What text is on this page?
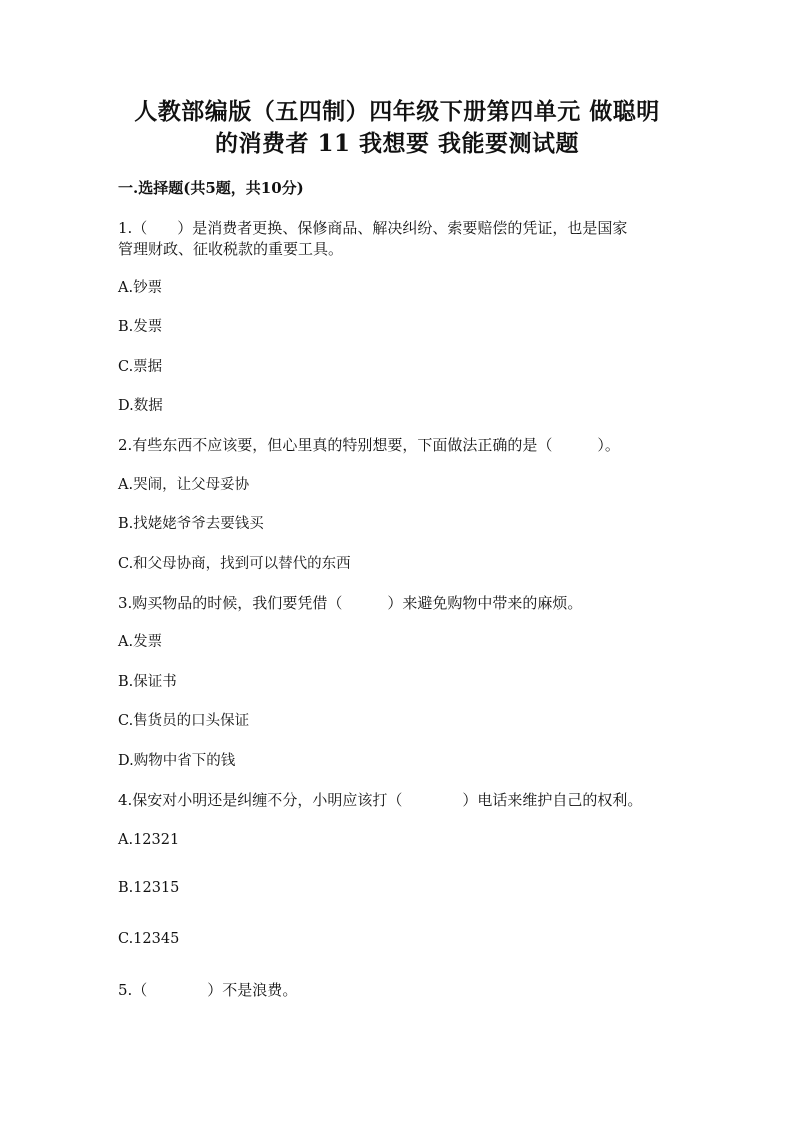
人教部编版（五四制）四年级下册第四单元 做聪明
的消费者 11 我想要 我能要测试题
一.选择题(共5题，共10分)
1.（　　）是消费者更换、保修商品、解决纠纷、索要赔偿的凭证，也是国家
管理财政、征收税款的重要工具。
A.钞票
B.发票
C.票据
D.数据
2.有些东西不应该要，但心里真的特别想要，下面做法正确的是（　　　）。
A.哭闹，让父母妥协
B.找姥姥爷爷去要钱买
C.和父母协商，找到可以替代的东西
3.购买物品的时候，我们要凭借（　　　）来避免购物中带来的麻烦。
A.发票
B.保证书
C.售货员的口头保证
D.购物中省下的钱
4.保安对小明还是纠缠不分，小明应该打（　　　　）电话来维护自己的权利。
A.12321
B.12315
C.12345
5.（　　　　）不是浪费。
